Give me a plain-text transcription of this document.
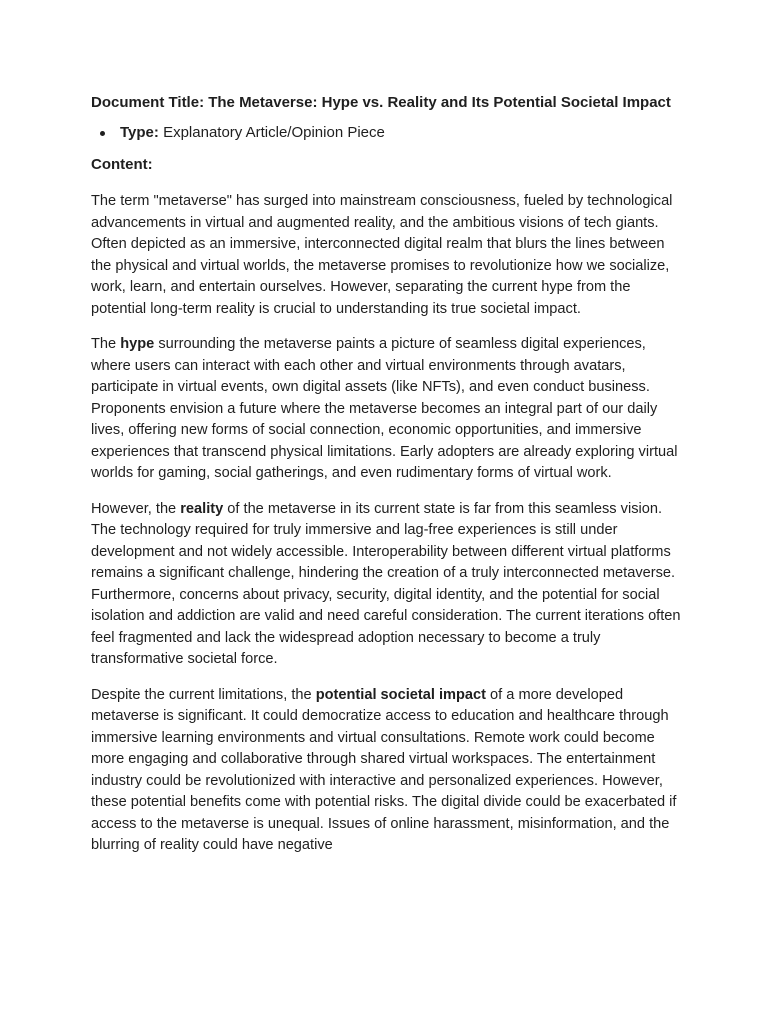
Document Title: The Metaverse: Hype vs. Reality and Its Potential Societal Impact
Type: Explanatory Article/Opinion Piece
Content:

The term "metaverse" has surged into mainstream consciousness, fueled by technological advancements in virtual and augmented reality, and the ambitious visions of tech giants. Often depicted as an immersive, interconnected digital realm that blurs the lines between the physical and virtual worlds, the metaverse promises to revolutionize how we socialize, work, learn, and entertain ourselves. However, separating the current hype from the potential long-term reality is crucial to understanding its true societal impact.

The hype surrounding the metaverse paints a picture of seamless digital experiences, where users can interact with each other and virtual environments through avatars, participate in virtual events, own digital assets (like NFTs), and even conduct business. Proponents envision a future where the metaverse becomes an integral part of our daily lives, offering new forms of social connection, economic opportunities, and immersive experiences that transcend physical limitations. Early adopters are already exploring virtual worlds for gaming, social gatherings, and even rudimentary forms of virtual work.

However, the reality of the metaverse in its current state is far from this seamless vision. The technology required for truly immersive and lag-free experiences is still under development and not widely accessible. Interoperability between different virtual platforms remains a significant challenge, hindering the creation of a truly interconnected metaverse. Furthermore, concerns about privacy, security, digital identity, and the potential for social isolation and addiction are valid and need careful consideration. The current iterations often feel fragmented and lack the widespread adoption necessary to become a truly transformative societal force.

Despite the current limitations, the potential societal impact of a more developed metaverse is significant. It could democratize access to education and healthcare through immersive learning environments and virtual consultations. Remote work could become more engaging and collaborative through shared virtual workspaces. The entertainment industry could be revolutionized with interactive and personalized experiences. However, these potential benefits come with potential risks. The digital divide could be exacerbated if access to the metaverse is unequal. Issues of online harassment, misinformation, and the blurring of reality could have negative
